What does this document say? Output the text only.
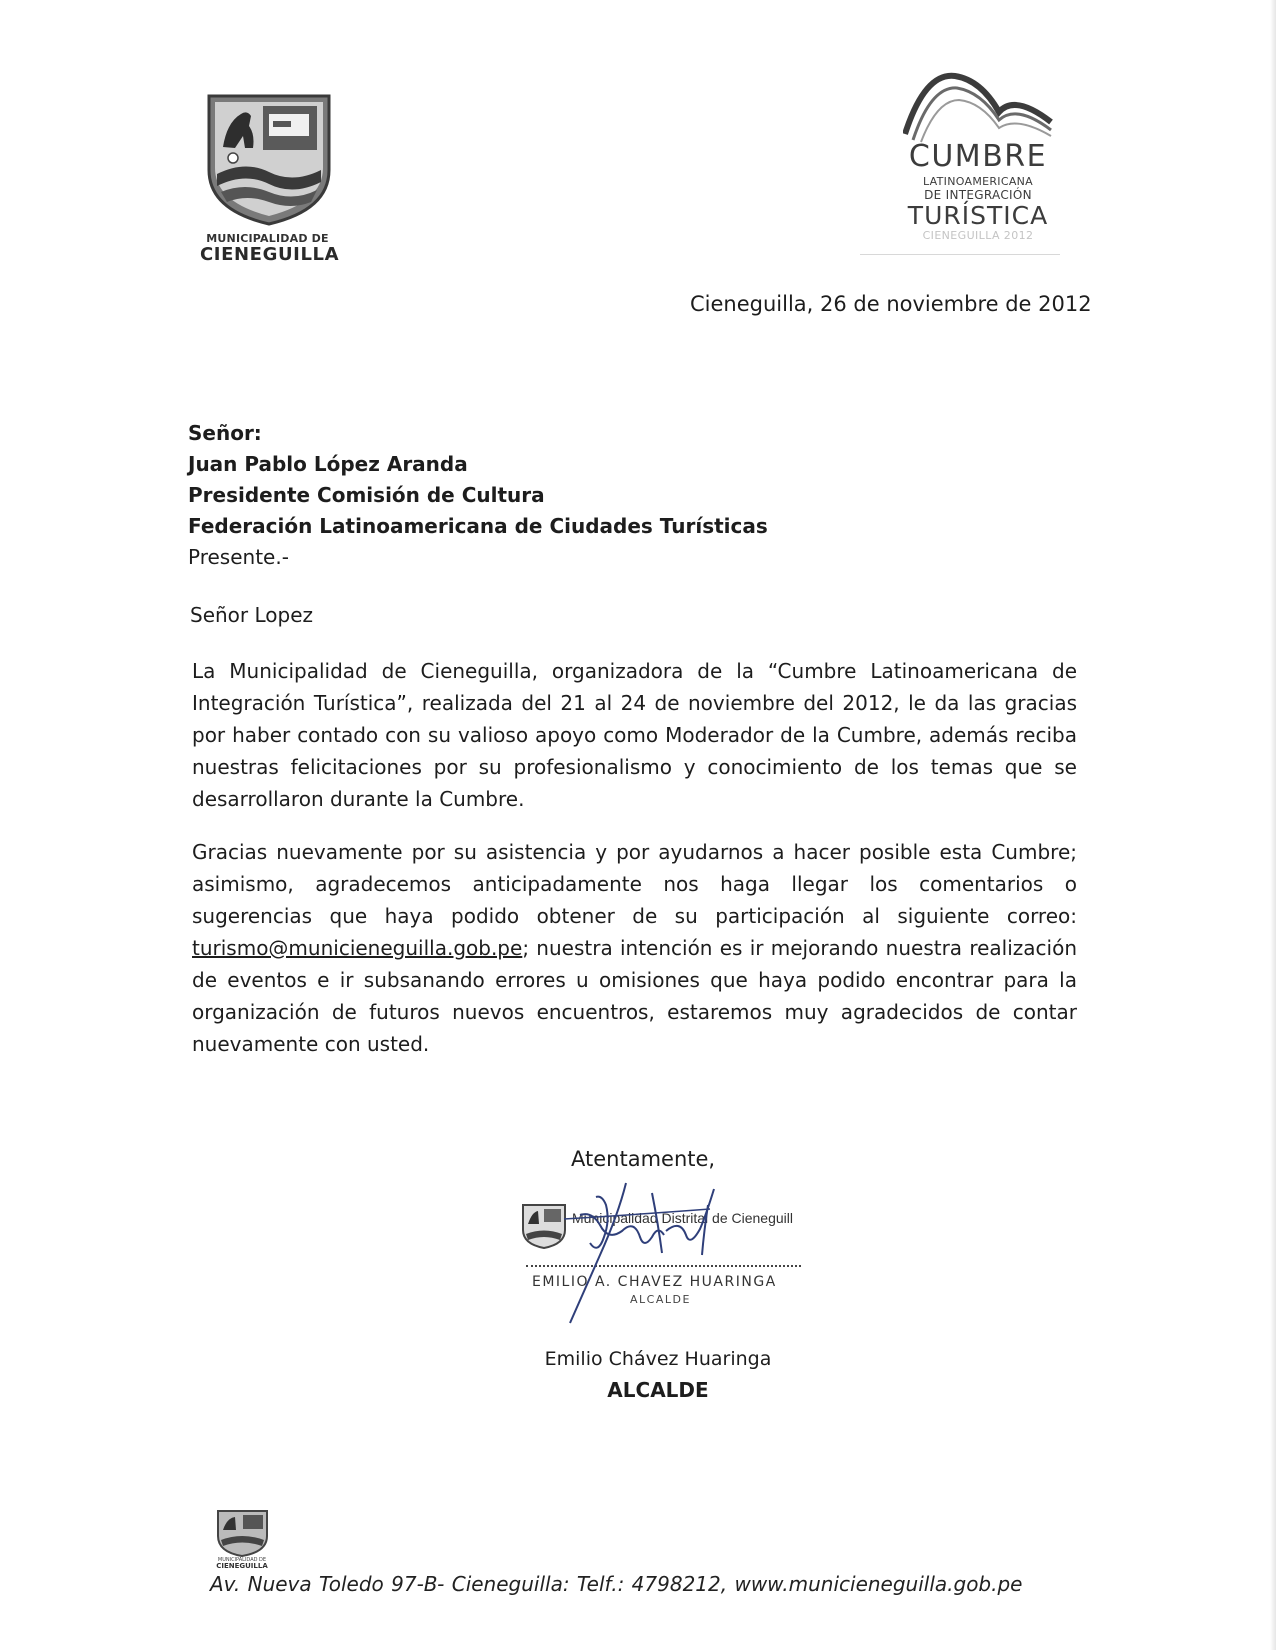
MUNICIPALIDAD DE
CIENEGUILLA
CUMBRE
LATINOAMERICANA
DE INTEGRACIÓN
TURÍSTICA
CIENEGUILLA 2012
Cieneguilla, 26 de noviembre de 2012
Señor:
Juan Pablo López Aranda
Presidente Comisión de Cultura
Federación Latinoamericana de Ciudades Turísticas
Presente.-
Señor Lopez
La Municipalidad de Cieneguilla, organizadora de la “Cumbre Latinoamericana de Integración Turística”, realizada del 21 al 24 de noviembre del 2012, le da las gracias por haber contado con su valioso apoyo como Moderador de la Cumbre, además reciba nuestras felicitaciones por su profesionalismo y conocimiento de los temas que se desarrollaron durante la Cumbre.
Gracias nuevamente por su asistencia y por ayudarnos a hacer posible esta Cumbre; asimismo, agradecemos anticipadamente nos haga llegar los comentarios o sugerencias que haya podido obtener de su participación al siguiente correo: turismo@municieneguilla.gob.pe; nuestra intención es ir mejorando nuestra realización de eventos e ir subsanando errores u omisiones que haya podido encontrar para la organización de futuros nuevos encuentros, estaremos muy agradecidos de contar nuevamente con usted.
Atentamente,
Municipalidad Distrital de Cieneguill
EMILIO A. CHAVEZ HUARINGA
ALCALDE
Emilio Chávez Huaringa
ALCALDE
MUNICIPALIDAD DE
CIENEGUILLA
Av. Nueva Toledo 97-B- Cieneguilla: Telf.: 4798212, www.municieneguilla.gob.pe
